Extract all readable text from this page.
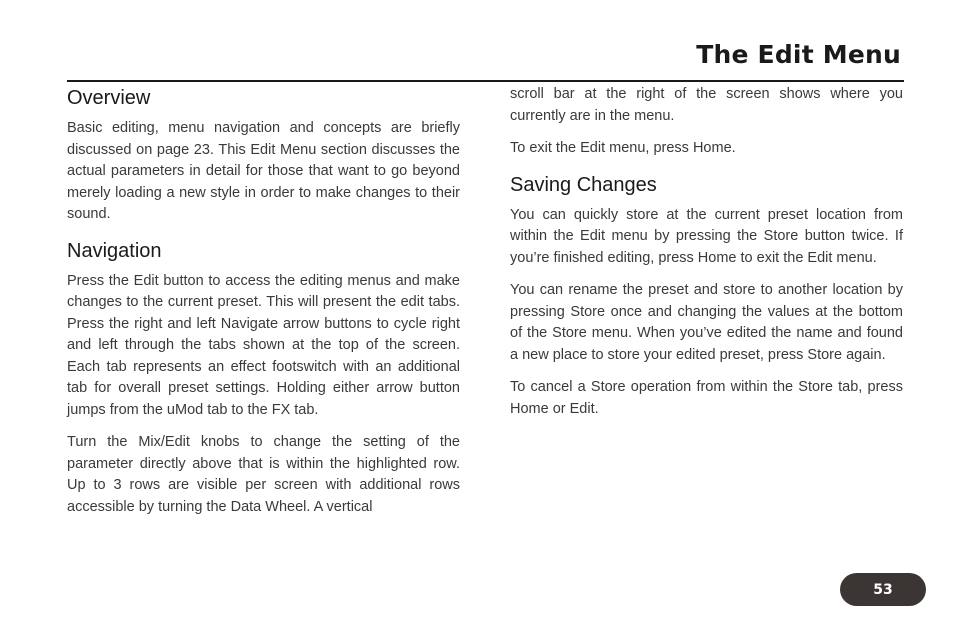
The Edit Menu
Overview

Basic editing, menu navigation and concepts are briefly discussed on page 23. This Edit Menu section discusses the actual parameters in detail for those that want to go beyond merely loading a new style in order to make changes to their sound.

Navigation

Press the Edit button to access the editing menus and make changes to the current preset. This will present the edit tabs. Press the right and left Navigate arrow buttons to cycle right and left through the tabs shown at the top of the screen. Each tab represents an effect footswitch with an additional tab for overall preset settings. Holding either arrow button jumps from the uMod tab to the FX tab.

Turn the Mix/Edit knobs to change the setting of the parameter directly above that is within the highlighted row. Up to 3 rows are visible per screen with additional rows accessible by turning the Data Wheel. A vertical

scroll bar at the right of the screen shows where you currently are in the menu.

To exit the Edit menu, press Home.

Saving Changes

You can quickly store at the current preset location from within the Edit menu by pressing the Store button twice. If you’re finished editing, press Home to exit the Edit menu.

You can rename the preset and store to another location by pressing Store once and changing the values at the bottom of the Store menu. When you’ve edited the name and found a new place to store your edited preset, press Store again.

To cancel a Store operation from within the Store tab, press Home or Edit.

53
